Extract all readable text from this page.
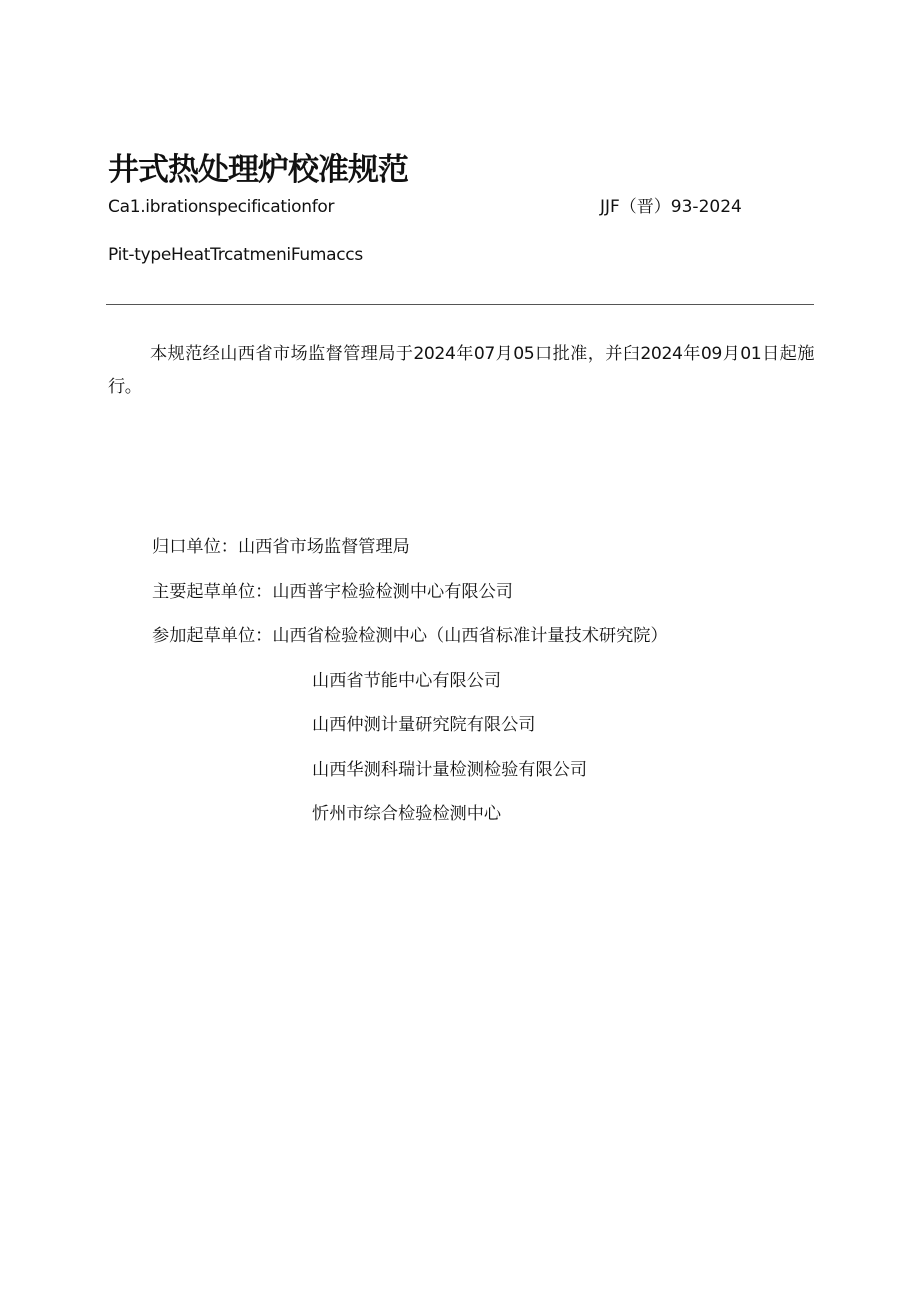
井式热处理炉校准规范
Ca1.ibrationspecificationfor	JJF（晋）93-2024
Pit-typeHeatTrcatmeniFumaccs

本规范经山西省市场监督管理局于2024年07月05口批准，并臼2024年09月01日起施行。

归口单位：山西省市场监督管理局
主要起草单位：山西普宇检验检测中心有限公司
参加起草单位：山西省检验检测中心（山西省标准计量技术研究院）
山西省节能中心有限公司
山西仲测计量研究院有限公司
山西华测科瑞计量检测检验有限公司
忻州市综合检验检测中心
